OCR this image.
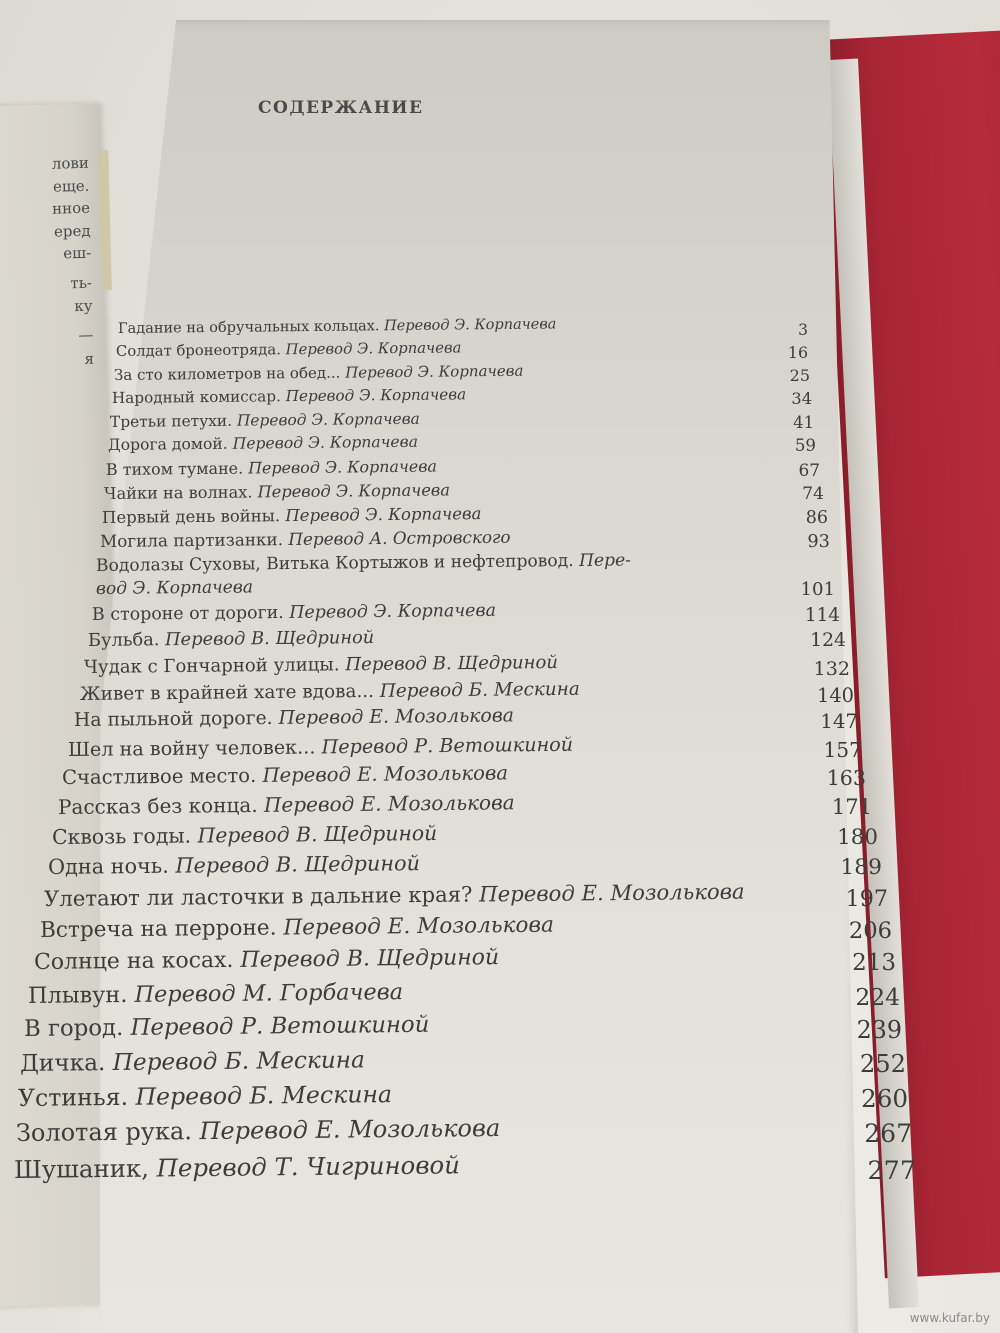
лови
еще.
нное
еред
еш-
ть-
ку
—
я
СОДЕРЖАНИЕ
Гадание на обручальных кольцах. Перевод Э. Корпачева	3
Солдат бронеотряда. Перевод Э. Корпачева	16
За сто километров на обед... Перевод Э. Корпачева	25
Народный комиссар. Перевод Э. Корпачева	34
Третьи петухи. Перевод Э. Корпачева	41
Дорога домой. Перевод Э. Корпачева	59
В тихом тумане. Перевод Э. Корпачева	67
Чайки на волнах. Перевод Э. Корпачева	74
Первый день войны. Перевод Э. Корпачева	86
Могила партизанки. Перевод А. Островского	93
Водолазы Суховы, Витька Кортыжов и нефтепровод. Пере-
вод Э. Корпачева	101
В стороне от дороги. Перевод Э. Корпачева	114
Бульба. Перевод В. Щедриной	124
Чудак с Гончарной улицы. Перевод В. Щедриной	132
Живет в крайней хате вдова... Перевод Б. Мескина	140
На пыльной дороге. Перевод Е. Мозолькова	147
Шел на войну человек... Перевод Р. Ветошкиной	157
Счастливое место. Перевод Е. Мозолькова	163
Рассказ без конца. Перевод Е. Мозолькова	171
Сквозь годы. Перевод В. Щедриной	180
Одна ночь. Перевод В. Щедриной	189
Улетают ли ласточки в дальние края? Перевод Е. Мозолькова	197
Встреча на перроне. Перевод Е. Мозолькова	206
Солнце на косах. Перевод В. Щедриной	213
Плывун. Перевод М. Горбачева	224
В город. Перевод Р. Ветошкиной	239
Дичка. Перевод Б. Мескина	252
Устинья. Перевод Б. Мескина	260
Золотая рука. Перевод Е. Мозолькова	267
Шушаник, Перевод Т. Чигриновой	277
www.kufar.by
